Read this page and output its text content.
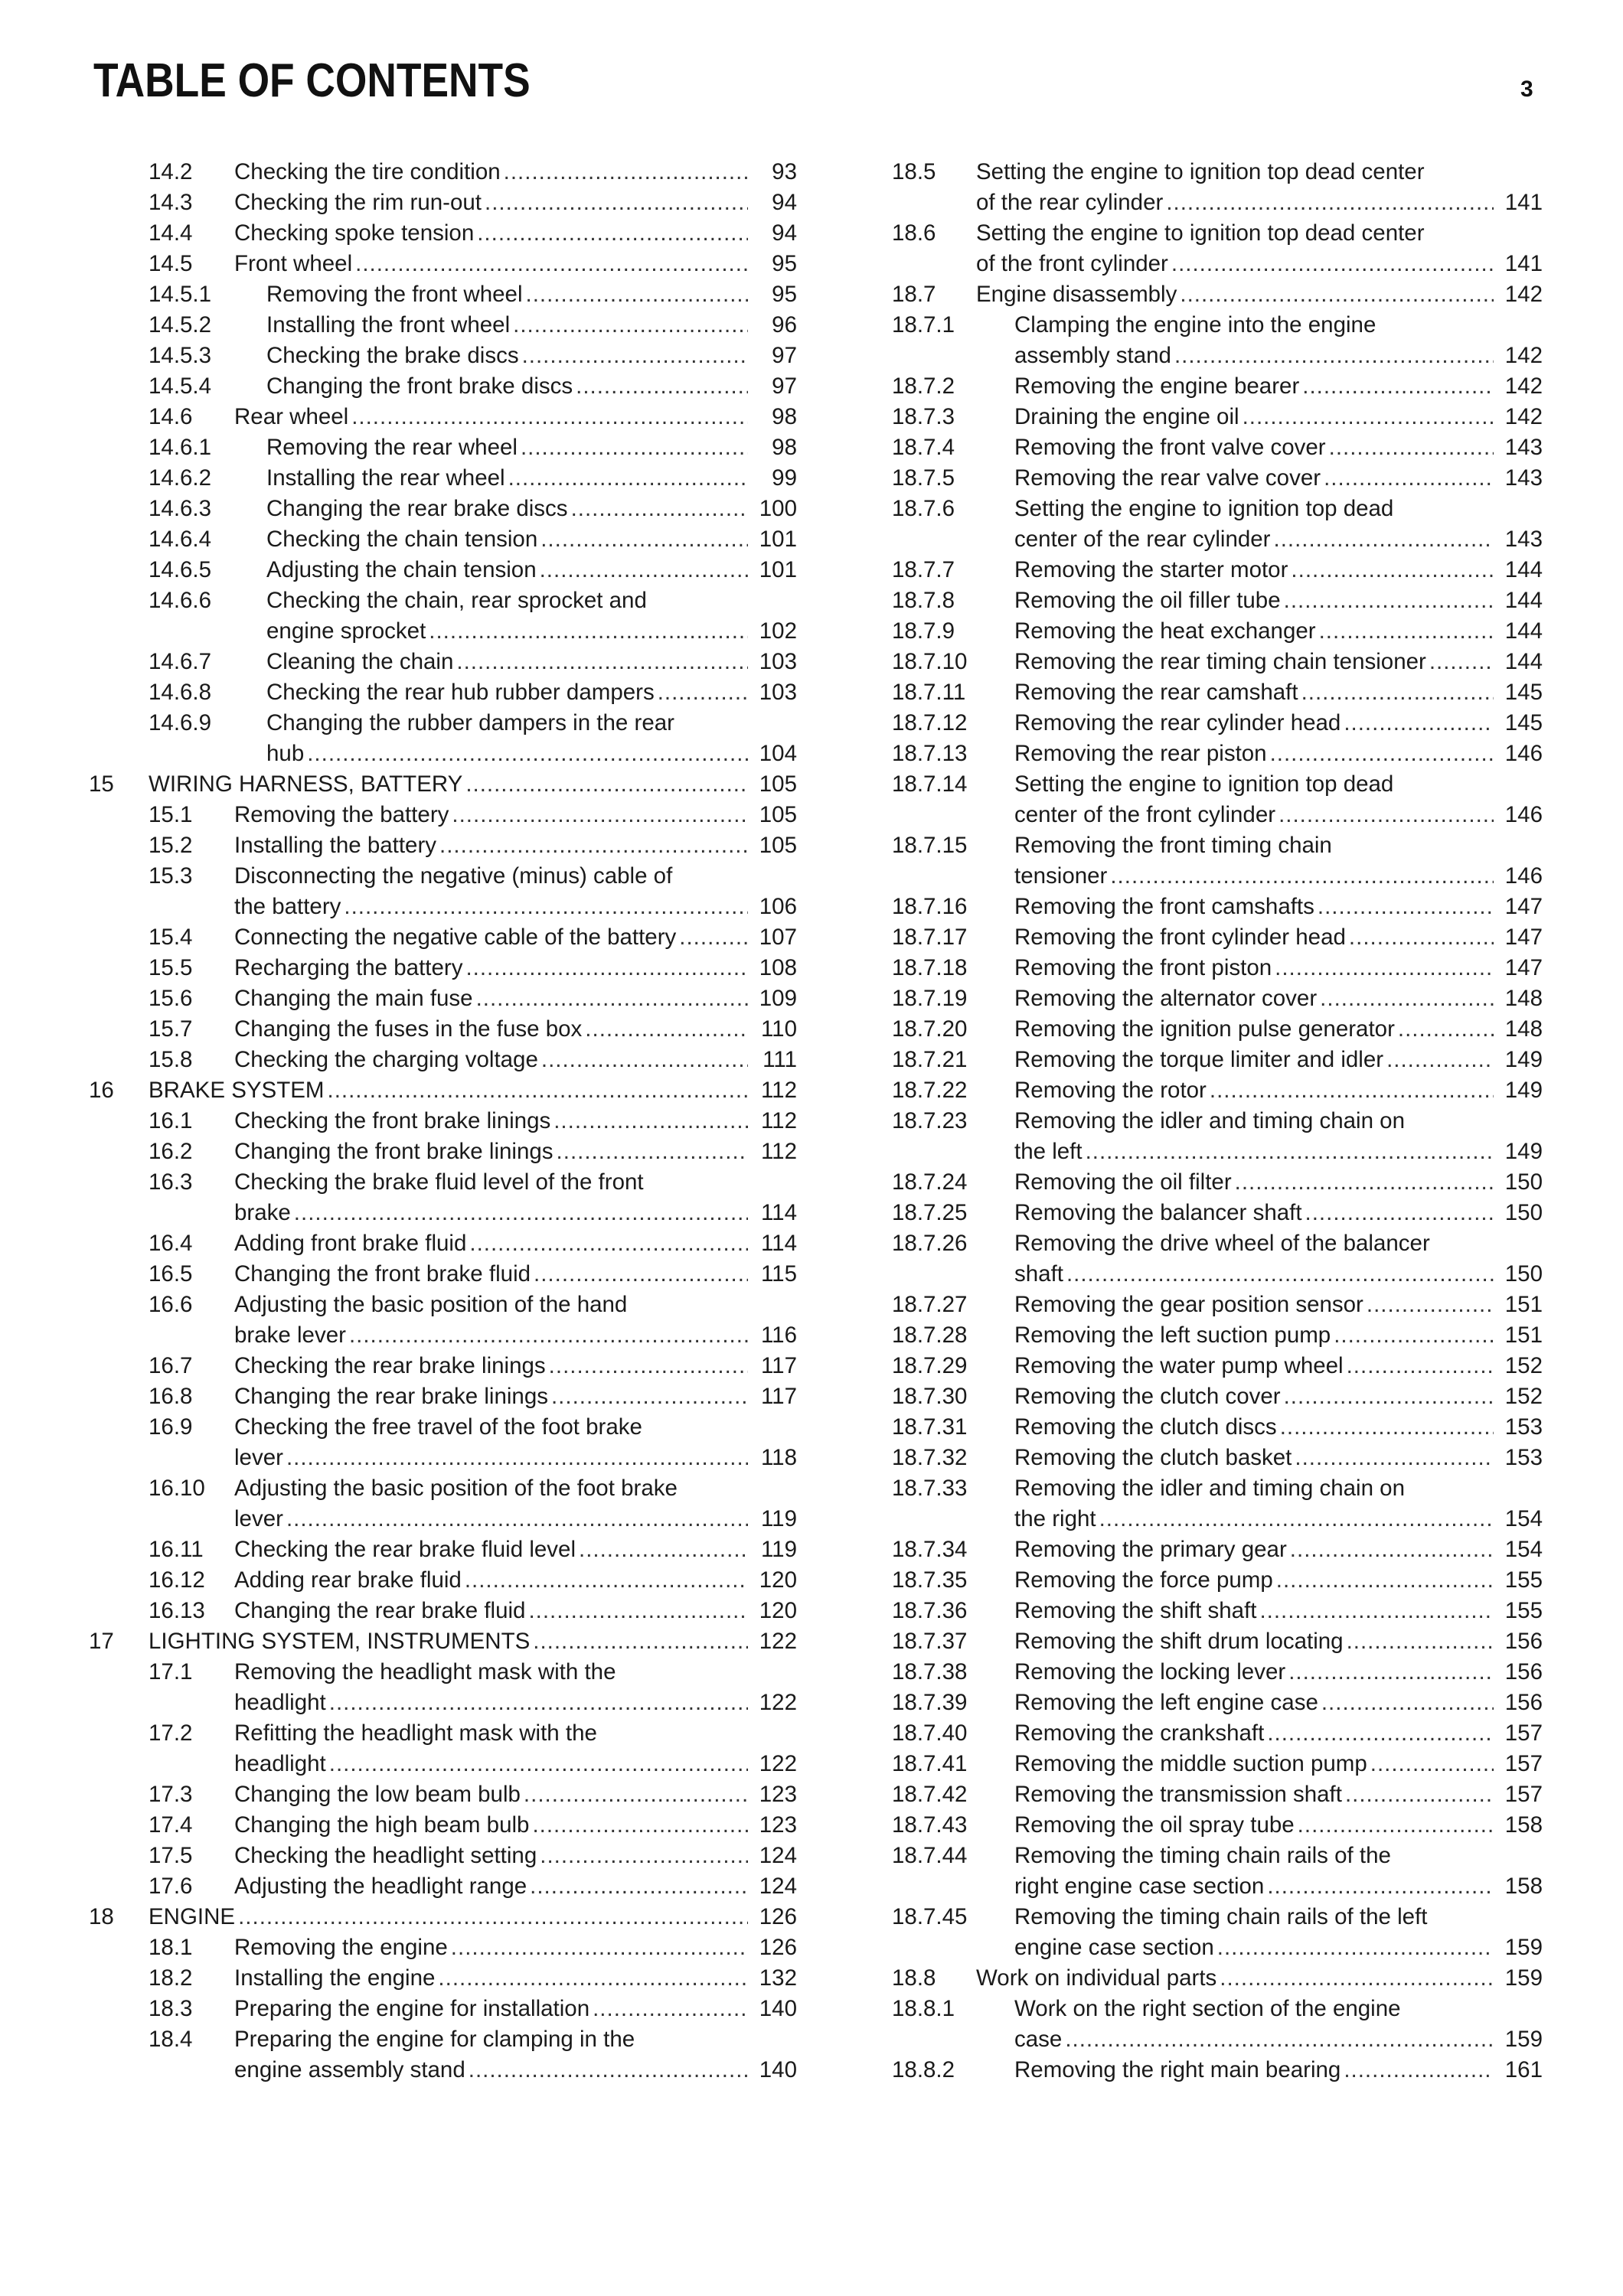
TABLE OF CONTENTS	3
14.2 Checking the tire condition .....	93
14.3 Checking the rim run-out .....	94
14.4 Checking spoke tension .....	94
14.5 Front wheel .....	95
14.5.1 Removing the front wheel .....	95
14.5.2 Installing the front wheel .....	96
14.5.3 Checking the brake discs .....	97
14.5.4 Changing the front brake discs .....	97
14.6 Rear wheel .....	98
14.6.1 Removing the rear wheel .....	98
14.6.2 Installing the rear wheel .....	99
14.6.3 Changing the rear brake discs .....	100
14.6.4 Checking the chain tension .....	101
14.6.5 Adjusting the chain tension .....	101
14.6.6 Checking the chain, rear sprocket and
engine sprocket .....	102
14.6.7 Cleaning the chain .....	103
14.6.8 Checking the rear hub rubber dampers .....	103
14.6.9 Changing the rubber dampers in the rear
hub .....	104
15 WIRING HARNESS, BATTERY .....	105
15.1 Removing the battery .....	105
15.2 Installing the battery .....	105
15.3 Disconnecting the negative (minus) cable of
the battery .....	106
15.4 Connecting the negative cable of the battery .....	107
15.5 Recharging the battery .....	108
15.6 Changing the main fuse .....	109
15.7 Changing the fuses in the fuse box .....	110
15.8 Checking the charging voltage .....	111
16 BRAKE SYSTEM .....	112
16.1 Checking the front brake linings .....	112
16.2 Changing the front brake linings .....	112
16.3 Checking the brake fluid level of the front
brake .....	114
16.4 Adding front brake fluid .....	114
16.5 Changing the front brake fluid .....	115
16.6 Adjusting the basic position of the hand
brake lever .....	116
16.7 Checking the rear brake linings .....	117
16.8 Changing the rear brake linings .....	117
16.9 Checking the free travel of the foot brake
lever .....	118
16.10 Adjusting the basic position of the foot brake
lever .....	119
16.11 Checking the rear brake fluid level .....	119
16.12 Adding rear brake fluid .....	120
16.13 Changing the rear brake fluid .....	120
17 LIGHTING SYSTEM, INSTRUMENTS .....	122
17.1 Removing the headlight mask with the
headlight .....	122
17.2 Refitting the headlight mask with the
headlight .....	122
17.3 Changing the low beam bulb .....	123
17.4 Changing the high beam bulb .....	123
17.5 Checking the headlight setting .....	124
17.6 Adjusting the headlight range .....	124
18 ENGINE .....	126
18.1 Removing the engine .....	126
18.2 Installing the engine .....	132
18.3 Preparing the engine for installation .....	140
18.4 Preparing the engine for clamping in the
engine assembly stand .....	140
18.5 Setting the engine to ignition top dead center
of the rear cylinder .....	141
18.6 Setting the engine to ignition top dead center
of the front cylinder .....	141
18.7 Engine disassembly .....	142
18.7.1	Clamping the engine into the engine
assembly stand .....	142
18.7.2	Removing the engine bearer .....	142
18.7.3	Draining the engine oil .....	142
18.7.4	Removing the front valve cover .....	143
18.7.5	Removing the rear valve cover .....	143
18.7.6	Setting the engine to ignition top dead
center of the rear cylinder .....	143
18.7.7	Removing the starter motor .....	144
18.7.8	Removing the oil filler tube .....	144
18.7.9	Removing the heat exchanger .....	144
18.7.10 Removing the rear timing chain tensioner .....	144
18.7.11 Removing the rear camshaft .....	145
18.7.12 Removing the rear cylinder head .....	145
18.7.13 Removing the rear piston .....	146
18.7.14 Setting the engine to ignition top dead
center of the front cylinder .....	146
18.7.15 Removing the front timing chain
tensioner .....	146
18.7.16 Removing the front camshafts .....	147
18.7.17 Removing the front cylinder head .....	147
18.7.18 Removing the front piston .....	147
18.7.19 Removing the alternator cover .....	148
18.7.20 Removing the ignition pulse generator .....	148
18.7.21 Removing the torque limiter and idler .....	149
18.7.22 Removing the rotor .....	149
18.7.23 Removing the idler and timing chain on
the left .....	149
18.7.24 Removing the oil filter .....	150
18.7.25 Removing the balancer shaft .....	150
18.7.26 Removing the drive wheel of the balancer
shaft .....	150
18.7.27 Removing the gear position sensor .....	151
18.7.28 Removing the left suction pump .....	151
18.7.29 Removing the water pump wheel .....	152
18.7.30 Removing the clutch cover .....	152
18.7.31 Removing the clutch discs .....	153
18.7.32 Removing the clutch basket .....	153
18.7.33 Removing the idler and timing chain on
the right .....	154
18.7.34 Removing the primary gear .....	154
18.7.35 Removing the force pump .....	155
18.7.36 Removing the shift shaft .....	155
18.7.37 Removing the shift drum locating .....	156
18.7.38 Removing the locking lever .....	156
18.7.39 Removing the left engine case .....	156
18.7.40 Removing the crankshaft .....	157
18.7.41 Removing the middle suction pump .....	157
18.7.42 Removing the transmission shaft .....	157
18.7.43 Removing the oil spray tube .....	158
18.7.44 Removing the timing chain rails of the
right engine case section .....	158
18.7.45 Removing the timing chain rails of the left
engine case section .....	159
18.8 Work on individual parts .....	159
18.8.1	Work on the right section of the engine
case .....	159
18.8.2	Removing the right main bearing .....	161
